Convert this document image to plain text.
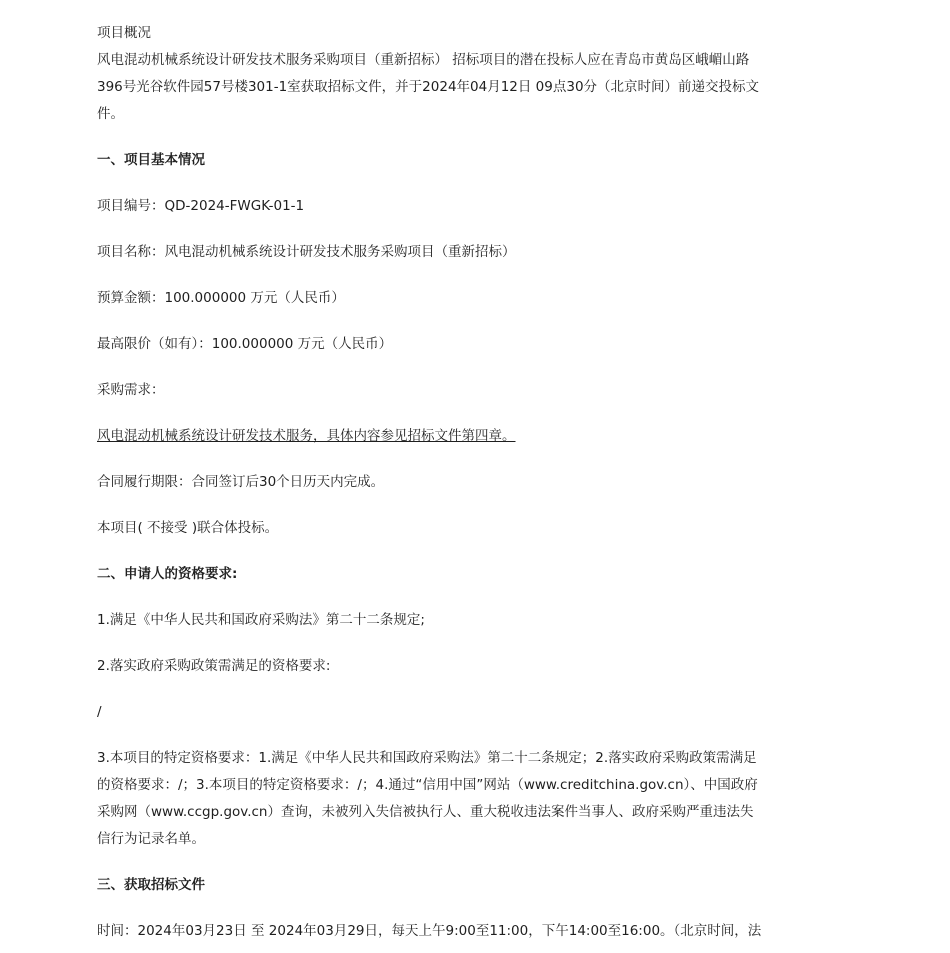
项目概况

风电混动机械系统设计研发技术服务采购项目（重新招标） 招标项目的潜在投标人应在青岛市黄岛区峨嵋山路396号光谷软件园57号楼301-1室获取招标文件，并于2024年04月12日 09点30分（北京时间）前递交投标文件。

一、项目基本情况

项目编号：QD-2024-FWGK-01-1

项目名称：风电混动机械系统设计研发技术服务采购项目（重新招标）

预算金额：100.000000 万元（人民币）

最高限价（如有）：100.000000 万元（人民币）

采购需求：

风电混动机械系统设计研发技术服务，具体内容参见招标文件第四章。

合同履行期限：合同签订后30个日历天内完成。

本项目( 不接受 )联合体投标。

二、申请人的资格要求:

1.满足《中华人民共和国政府采购法》第二十二条规定;

2.落实政府采购政策需满足的资格要求:

/

3.本项目的特定资格要求：1.满足《中华人民共和国政府采购法》第二十二条规定；2.落实政府采购政策需满足的资格要求：/；3.本项目的特定资格要求：/；4.通过“信用中国”网站（www.creditchina.gov.cn）、中国政府采购网（www.ccgp.gov.cn）查询，未被列入失信被执行人、重大税收违法案件当事人、政府采购严重违法失信行为记录名单。

三、获取招标文件

时间：2024年03月23日 至 2024年03月29日，每天上午9:00至11:00，下午14:00至16:00。（北京时间，法
